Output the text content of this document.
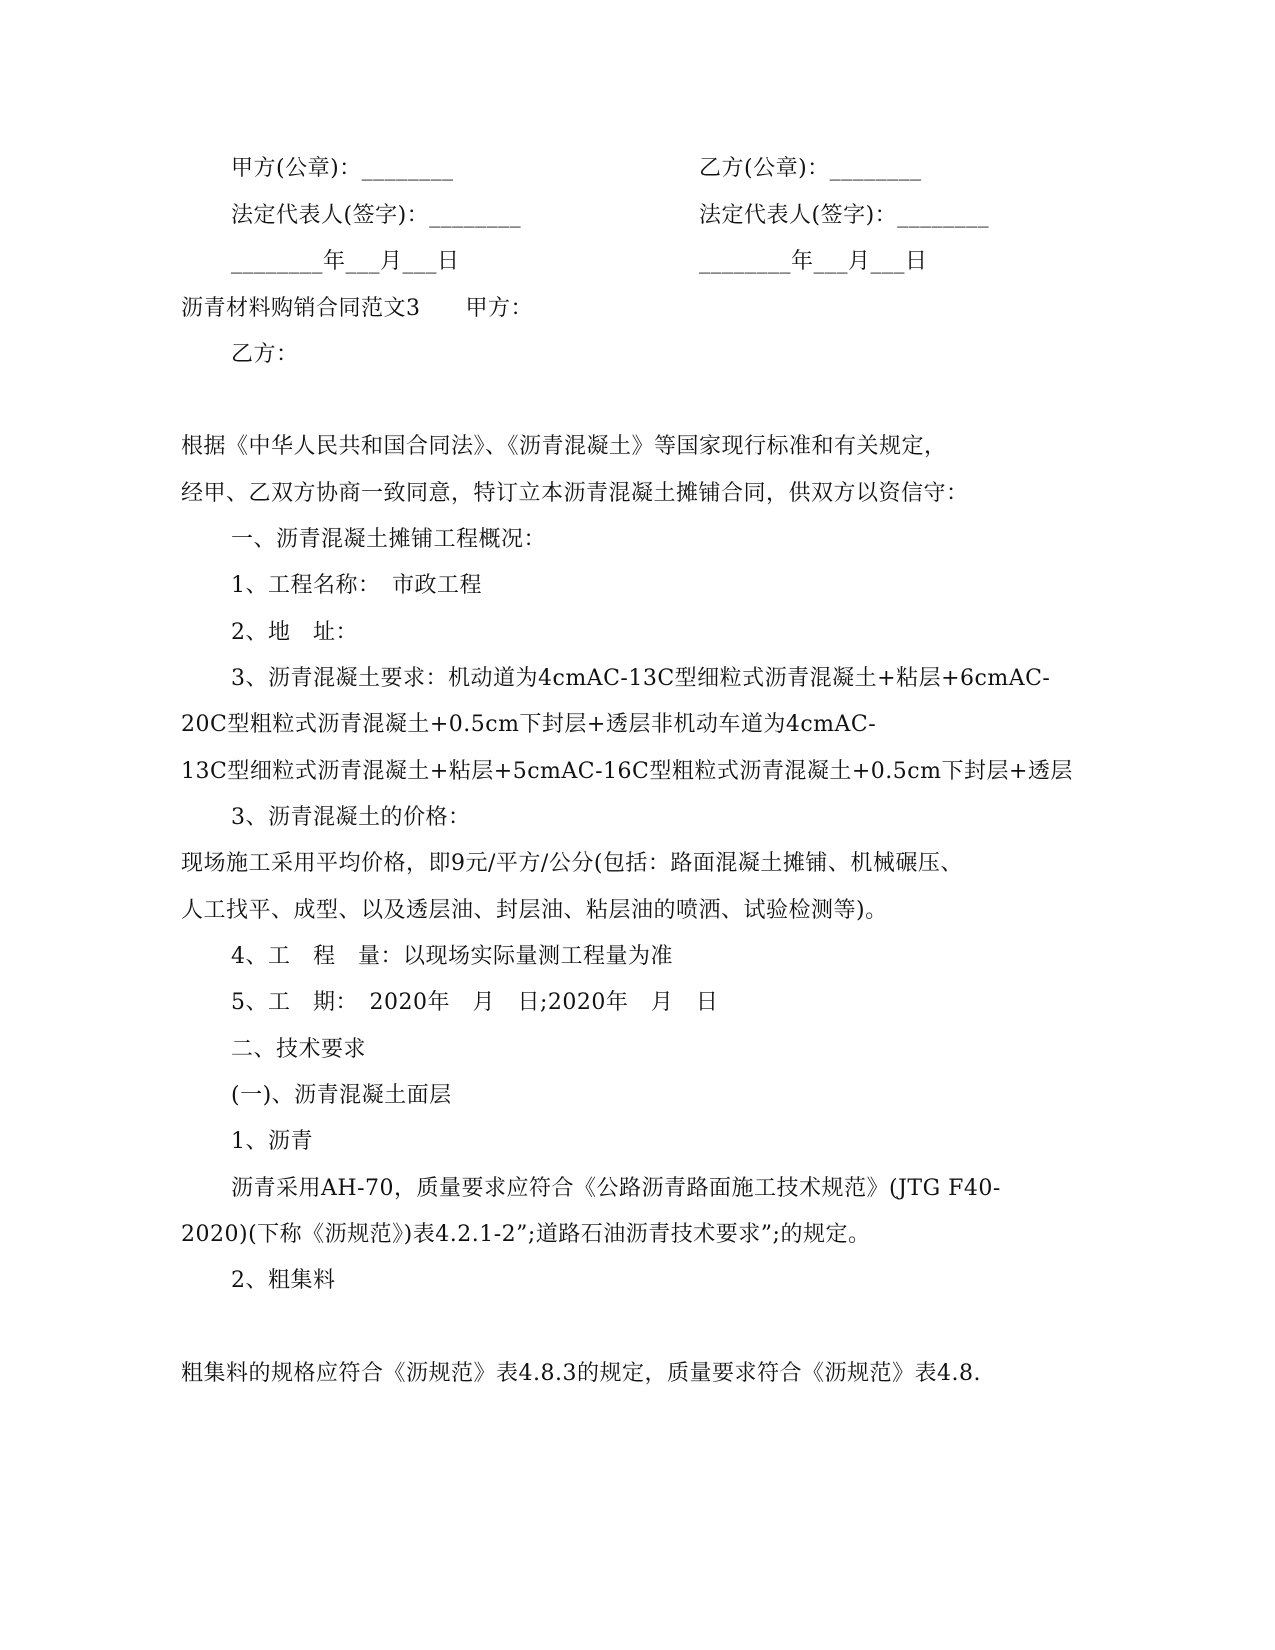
甲方(公章)：________	乙方(公章)：________
法定代表人(签字)：________	法定代表人(签字)：________
________年___月___日	________年___月___日
沥青材料购销合同范文3　　甲方：
乙方：
根据《中华人民共和国合同法》、《沥青混凝土》等国家现行标准和有关规定，
经甲、乙双方协商一致同意，特订立本沥青混凝土摊铺合同，供双方以资信守：
一、沥青混凝土摊铺工程概况：
1、工程名称：　市政工程
2、地　址：
3、沥青混凝土要求：机动道为4cmAC-13C型细粒式沥青混凝土+粘层+6cmAC-
20C型粗粒式沥青混凝土+0.5cm下封层+透层非机动车道为4cmAC-
13C型细粒式沥青混凝土+粘层+5cmAC-16C型粗粒式沥青混凝土+0.5cm下封层+透层
3、沥青混凝土的价格：
现场施工采用平均价格，即9元/平方/公分(包括：路面混凝土摊铺、机械碾压、
人工找平、成型、以及透层油、封层油、粘层油的喷洒、试验检测等)。
4、工　程　量：以现场实际量测工程量为准
5、工　期：　2020年　月　日;2020年　月　日
二、技术要求
(一)、沥青混凝土面层
1、沥青
沥青采用AH-70，质量要求应符合《公路沥青路面施工技术规范》(JTG F40-
2020)(下称《沥规范》)表4.2.1-2”;道路石油沥青技术要求”;的规定。
2、粗集料
粗集料的规格应符合《沥规范》表4.8.3的规定，质量要求符合《沥规范》表4.8.
